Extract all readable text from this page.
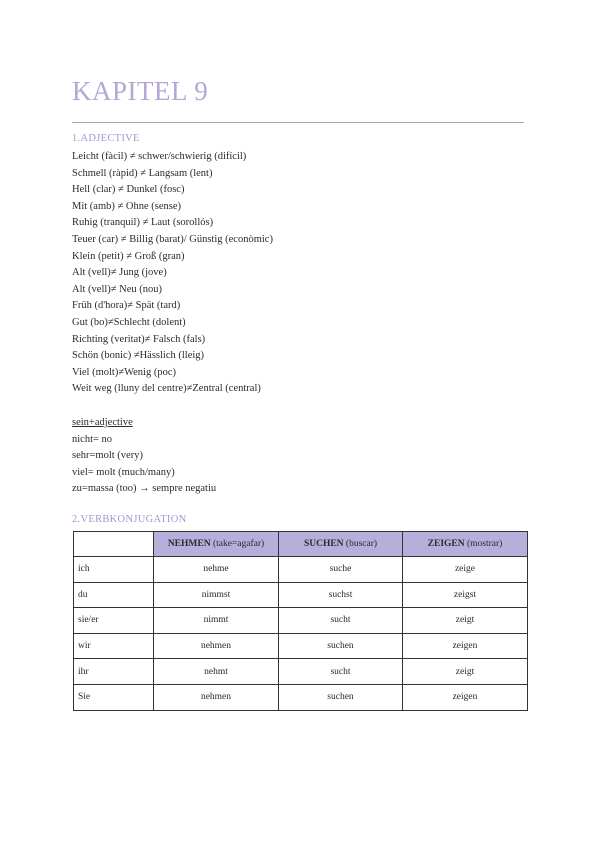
KAPITEL 9
1.ADJECTIVE
Leicht (fàcil) ≠ schwer/schwierig (difícil)
Schmell (ràpid) ≠ Langsam (lent)
Hell (clar) ≠ Dunkel (fosc)
Mit (amb) ≠ Ohne (sense)
Ruhig (tranquil) ≠ Laut (sorollós)
Teuer (car) ≠ Billig (barat)/ Günstig (econòmic)
Klein (petit) ≠ Groß (gran)
Alt (vell)≠ Jung (jove)
Alt (vell)≠ Neu (nou)
Früh (d'hora)≠ Spät (tard)
Gut (bo)≠Schlecht (dolent)
Richting (veritat)≠ Falsch (fals)
Schön (bonic) ≠Hässlich (lleig)
Viel (molt)≠Wenig (poc)
Weit weg (lluny del centre)≠Zentral (central)
sein+adjective
nicht= no
sehr=molt (very)
viel= molt (much/many)
zu=massa (too) → sempre negatiu
2.VERBKONJUGATION
	NEHMEN (take=agafar)	SUCHEN (buscar)	ZEIGEN (mostrar)
ich	nehme	suche	zeige
du	nimmst	suchst	zeigst
sie/er	nimmt	sucht	zeigt
wir	nehmen	suchen	zeigen
ihr	nehmt	sucht	zeigt
Sie	nehmen	suchen	zeigen
